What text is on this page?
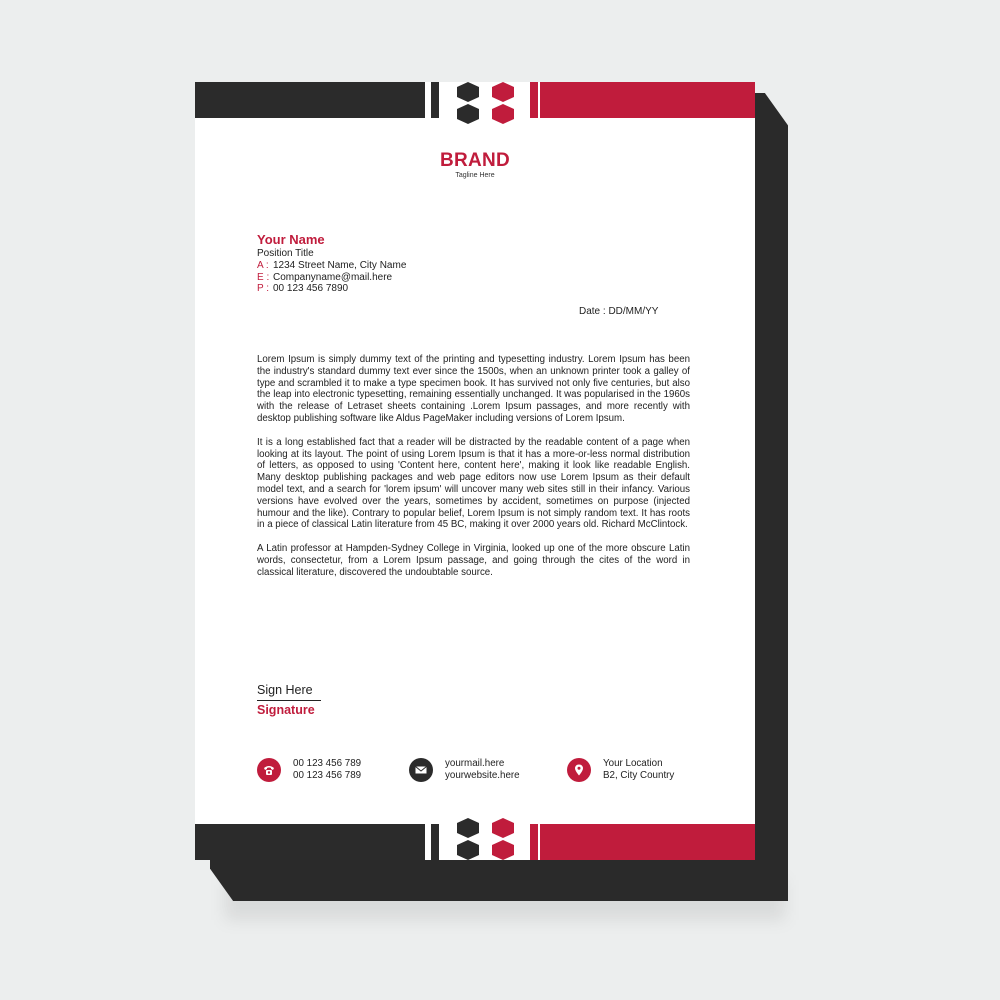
BRAND
Tagline Here
Your Name
Position Title
A : 1234 Street Name, City Name
E : Companyname@mail.here
P : 00 123 456 7890
Date : DD/MM/YY

Lorem Ipsum is simply dummy text of the printing and typesetting industry. Lorem Ipsum has been the industry's standard dummy text ever since the 1500s, when an unknown printer took a galley of type and scrambled it to make a type specimen book. It has survived not only five centuries, but also the leap into electronic typesetting, remaining essentially unchanged. It was popularised in the 1960s with the release of Letraset sheets containing .Lorem Ipsum passages, and more recently with desktop publishing software like Aldus PageMaker including versions of Lorem Ipsum.

It is a long established fact that a reader will be distracted by the readable content of a page when looking at its layout. The point of using Lorem Ipsum is that it has a more-or-less normal distribution of letters, as opposed to using 'Content here, content here', making it look like readable English. Many desktop publishing packages and web page editors now use Lorem Ipsum as their default model text, and a search for 'lorem ipsum' will uncover many web sites still in their infancy. Various versions have evolved over the years, sometimes by accident, sometimes on purpose (injected humour and the like). Contrary to popular belief, Lorem Ipsum is not simply random text. It has roots in a piece of classical Latin literature from 45 BC, making it over 2000 years old. Richard McClintock.

A Latin professor at Hampden-Sydney College in Virginia, looked up one of the more obscure Latin words, consectetur, from a Lorem Ipsum passage, and going through the cites of the word in classical literature, discovered the undoubtable source.

Sign Here
Signature
00 123 456 789
00 123 456 789
yourmail.here
yourwebsite.here
Your Location
B2, City Country
